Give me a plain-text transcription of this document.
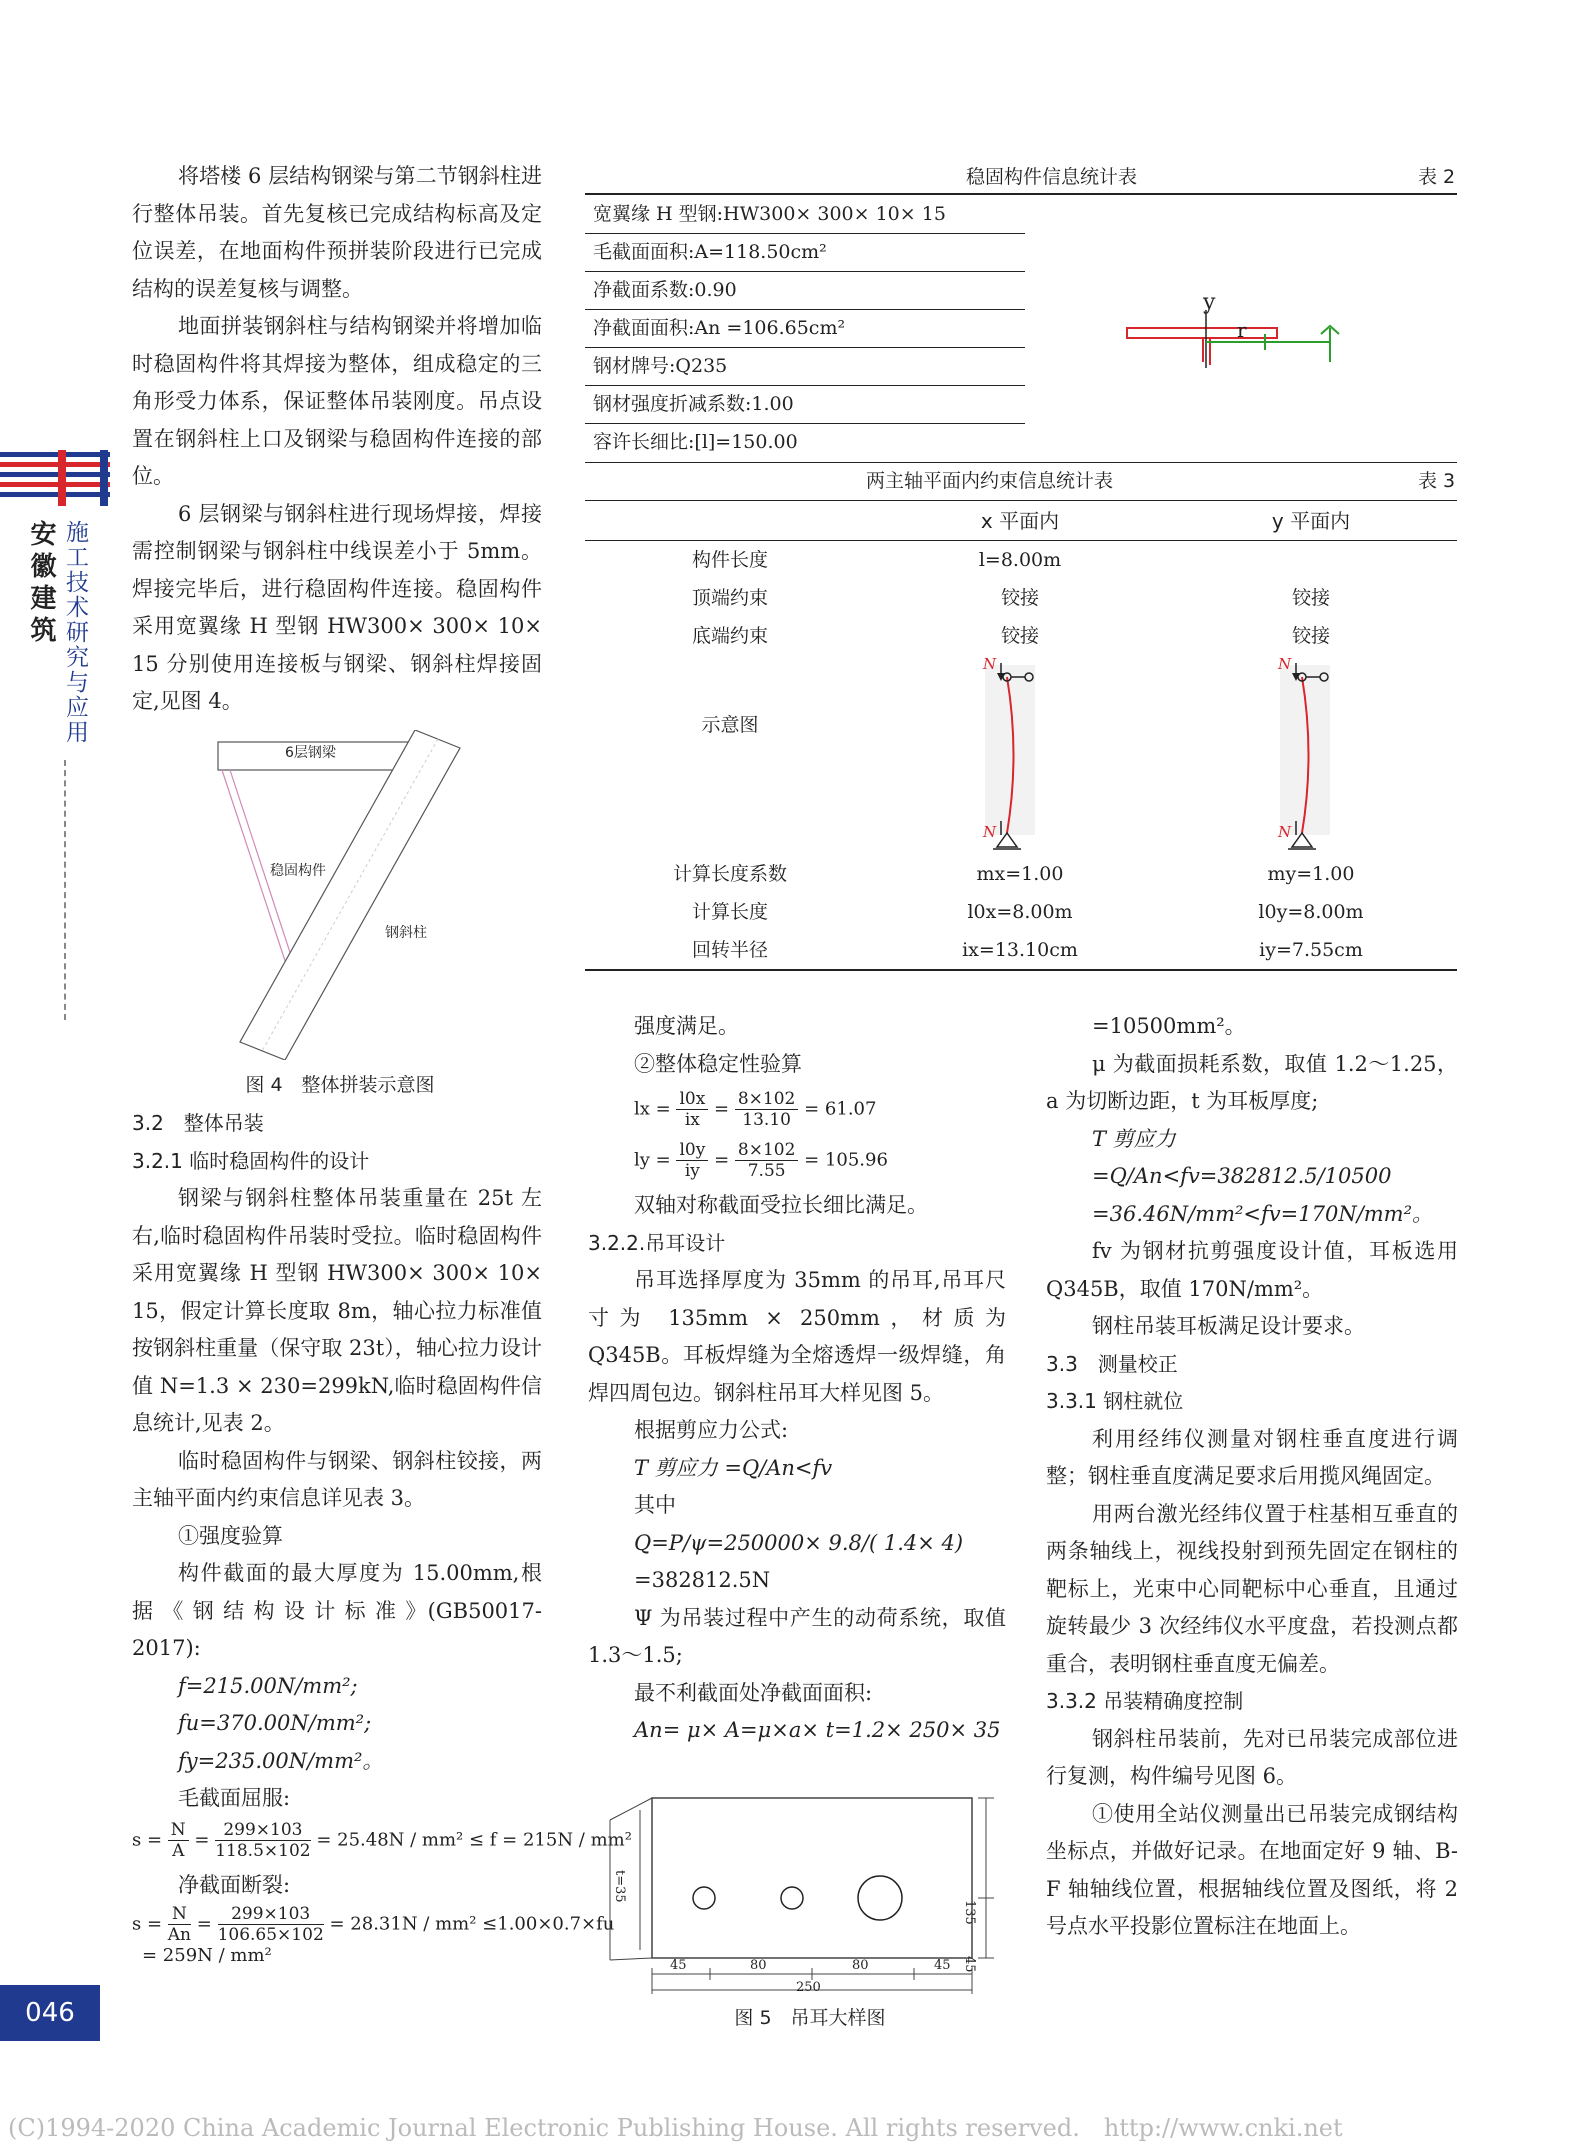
施工技术研究与应用
安徽建筑
046

将塔楼 6 层结构钢梁与第二节钢斜柱进行整体吊装。首先复核已完成结构标高及定位误差，在地面构件预拼装阶段进行已完成结构的误差复核与调整。

地面拼装钢斜柱与结构钢梁并将增加临时稳固构件将其焊接为整体，组成稳定的三角形受力体系，保证整体吊装刚度。吊点设置在钢斜柱上口及钢梁与稳固构件连接的部位。

6 层钢梁与钢斜柱进行现场焊接，焊接需控制钢梁与钢斜柱中线误差小于 5mm。焊接完毕后，进行稳固构件连接。稳固构件采用宽翼缘 H 型钢 HW300× 300× 10× 15 分别使用连接板与钢梁、钢斜柱焊接固定,见图 4。

6层钢梁
稳固构件
钢斜柱
图 4　整体拼装示意图

3.2　整体吊装

3.2.1 临时稳固构件的设计

钢梁与钢斜柱整体吊装重量在 25t 左右,临时稳固构件吊装时受拉。临时稳固构件采用宽翼缘 H 型钢 HW300× 300× 10× 15，假定计算长度取 8m，轴心拉力标准值按钢斜柱重量（保守取 23t），轴心拉力设计值 N=1.3 × 230=299kN,临时稳固构件信息统计,见表 2。

临时稳固构件与钢梁、钢斜柱铰接，两主轴平面内约束信息详见表 3。

①强度验算

构件截面的最大厚度为 15.00mm,根 据 《 钢 结 构 设 计 标 准 》(GB50017- 2017):

f=215.00N/mm²;

fu=370.00N/mm²;

fy=235.00N/mm²。

毛截面屈服:

$s = \frac{N}{A} = \frac{299\times 103}{118.5\times 102} = 25.48N / mm^2 \le f = 215N / mm^2$

净截面断裂:

$s = \frac{N}{An} = \frac{299\times 103}{106.65\times 102} = 28.31N / mm^2 \le 1.00\times 0.7\times fu$
= 259N / mm²
稳固构件信息统计表	表 2
宽翼缘 H 型钢:HW300× 300× 10× 15
毛截面面积:A=118.50cm²
净截面系数:0.90
净截面面积:An =106.65cm²
钢材牌号:Q235
钢材强度折减系数:1.00
容许长细比:[l]=150.00
y
r
两主轴平面内约束信息统计表	表 3
x 平面内	y 平面内
构件长度	l=8.00m
顶端约束	铰接	铰接
底端约束	铰接	铰接
示意图
N
N
N
N
计算长度系数	mx=1.00	my=1.00
计算长度	l0x=8.00m	l0y=8.00m
回转半径	ix=13.10cm	iy=7.55cm

强度满足。

②整体稳定性验算

lx = $\frac{l0x}{ix} = \frac{8\times 102}{13.10} = 61.07$
ly = $\frac{l0y}{iy} = \frac{8\times 102}{7.55} = 105.96$

双轴对称截面受拉长细比满足。

3.2.2.吊耳设计

吊耳选择厚度为 35mm 的吊耳,吊耳尺寸为 135mm × 250mm，材质为 Q345B。耳板焊缝为全熔透焊一级焊缝，角焊四周包边。钢斜柱吊耳大样见图 5。

根据剪应力公式:

T 剪应力 =Q/An<fv

其中

Q=P/ψ=250000× 9.8/( 1.4× 4)

=382812.5N

Ψ 为吊装过程中产生的动荷系统，取值 1.3～1.5;

最不利截面处净截面面积:

An= μ× A=μ×a× t=1.2× 250× 35

t=35
135
45
45	80	80	45
250
图 5　吊耳大样图

=10500mm²。

μ 为截面损耗系数，取值 1.2～1.25，a 为切断边距，t 为耳板厚度;

T 剪应力 =Q/An<fv=382812.5/10500

=36.46N/mm²<fv=170N/mm²。

fv 为钢材抗剪强度设计值，耳板选用 Q345B，取值 170N/mm²。

钢柱吊装耳板满足设计要求。

3.3　测量校正

3.3.1 钢柱就位

利用经纬仪测量对钢柱垂直度进行调整；钢柱垂直度满足要求后用揽风绳固定。

用两台激光经纬仪置于柱基相互垂直的两条轴线上，视线投射到预先固定在钢柱的靶标上，光束中心同靶标中心垂直，且通过旋转最少 3 次经纬仪水平度盘，若投测点都重合，表明钢柱垂直度无偏差。

3.3.2 吊装精确度控制

钢斜柱吊装前，先对已吊装完成部位进行复测，构件编号见图 6。

①使用全站仪测量出已吊装完成钢结构坐标点，并做好记录。在地面定好 9 轴、B- F 轴轴线位置，根据轴线位置及图纸，将 2 号点水平投影位置标注在地面上。

(C)1994-2020 China Academic Journal Electronic Publishing House. All rights reserved.　http://www.cnki.net
